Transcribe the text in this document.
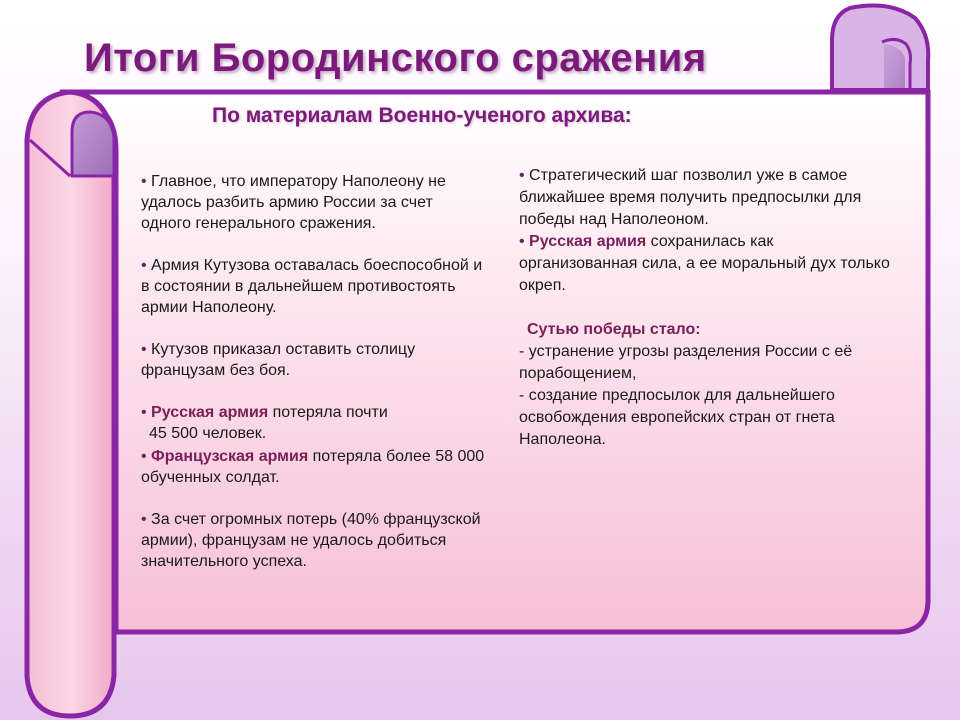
Итоги Бородинского сражения
По материалам Военно-ученого архива:

• Главное, что императору Наполеону не удалось разбить армию России за счет одного генерального сражения.

• Армия Кутузова оставалась боеспособной и в состоянии в дальнейшем противостоять армии Наполеону.

• Кутузов приказал оставить столицу французам без боя.

• Русская армия потеряла почти

45 500 человек.

• Французская армия потеряла более 58 000 обученных солдат.

• За счет огромных потерь (40% французской армии), французам не удалось добиться значительного успеха.

• Стратегический шаг позволил уже в самое ближайшее время получить предпосылки для победы над Наполеоном.

• Русская армия сохранилась как организованная сила, а ее моральный дух только окреп.

Сутью победы стало:

- устранение угрозы разделения России с её порабощением,

- создание предпосылок для дальнейшего освобождения европейских стран от гнета Наполеона.
